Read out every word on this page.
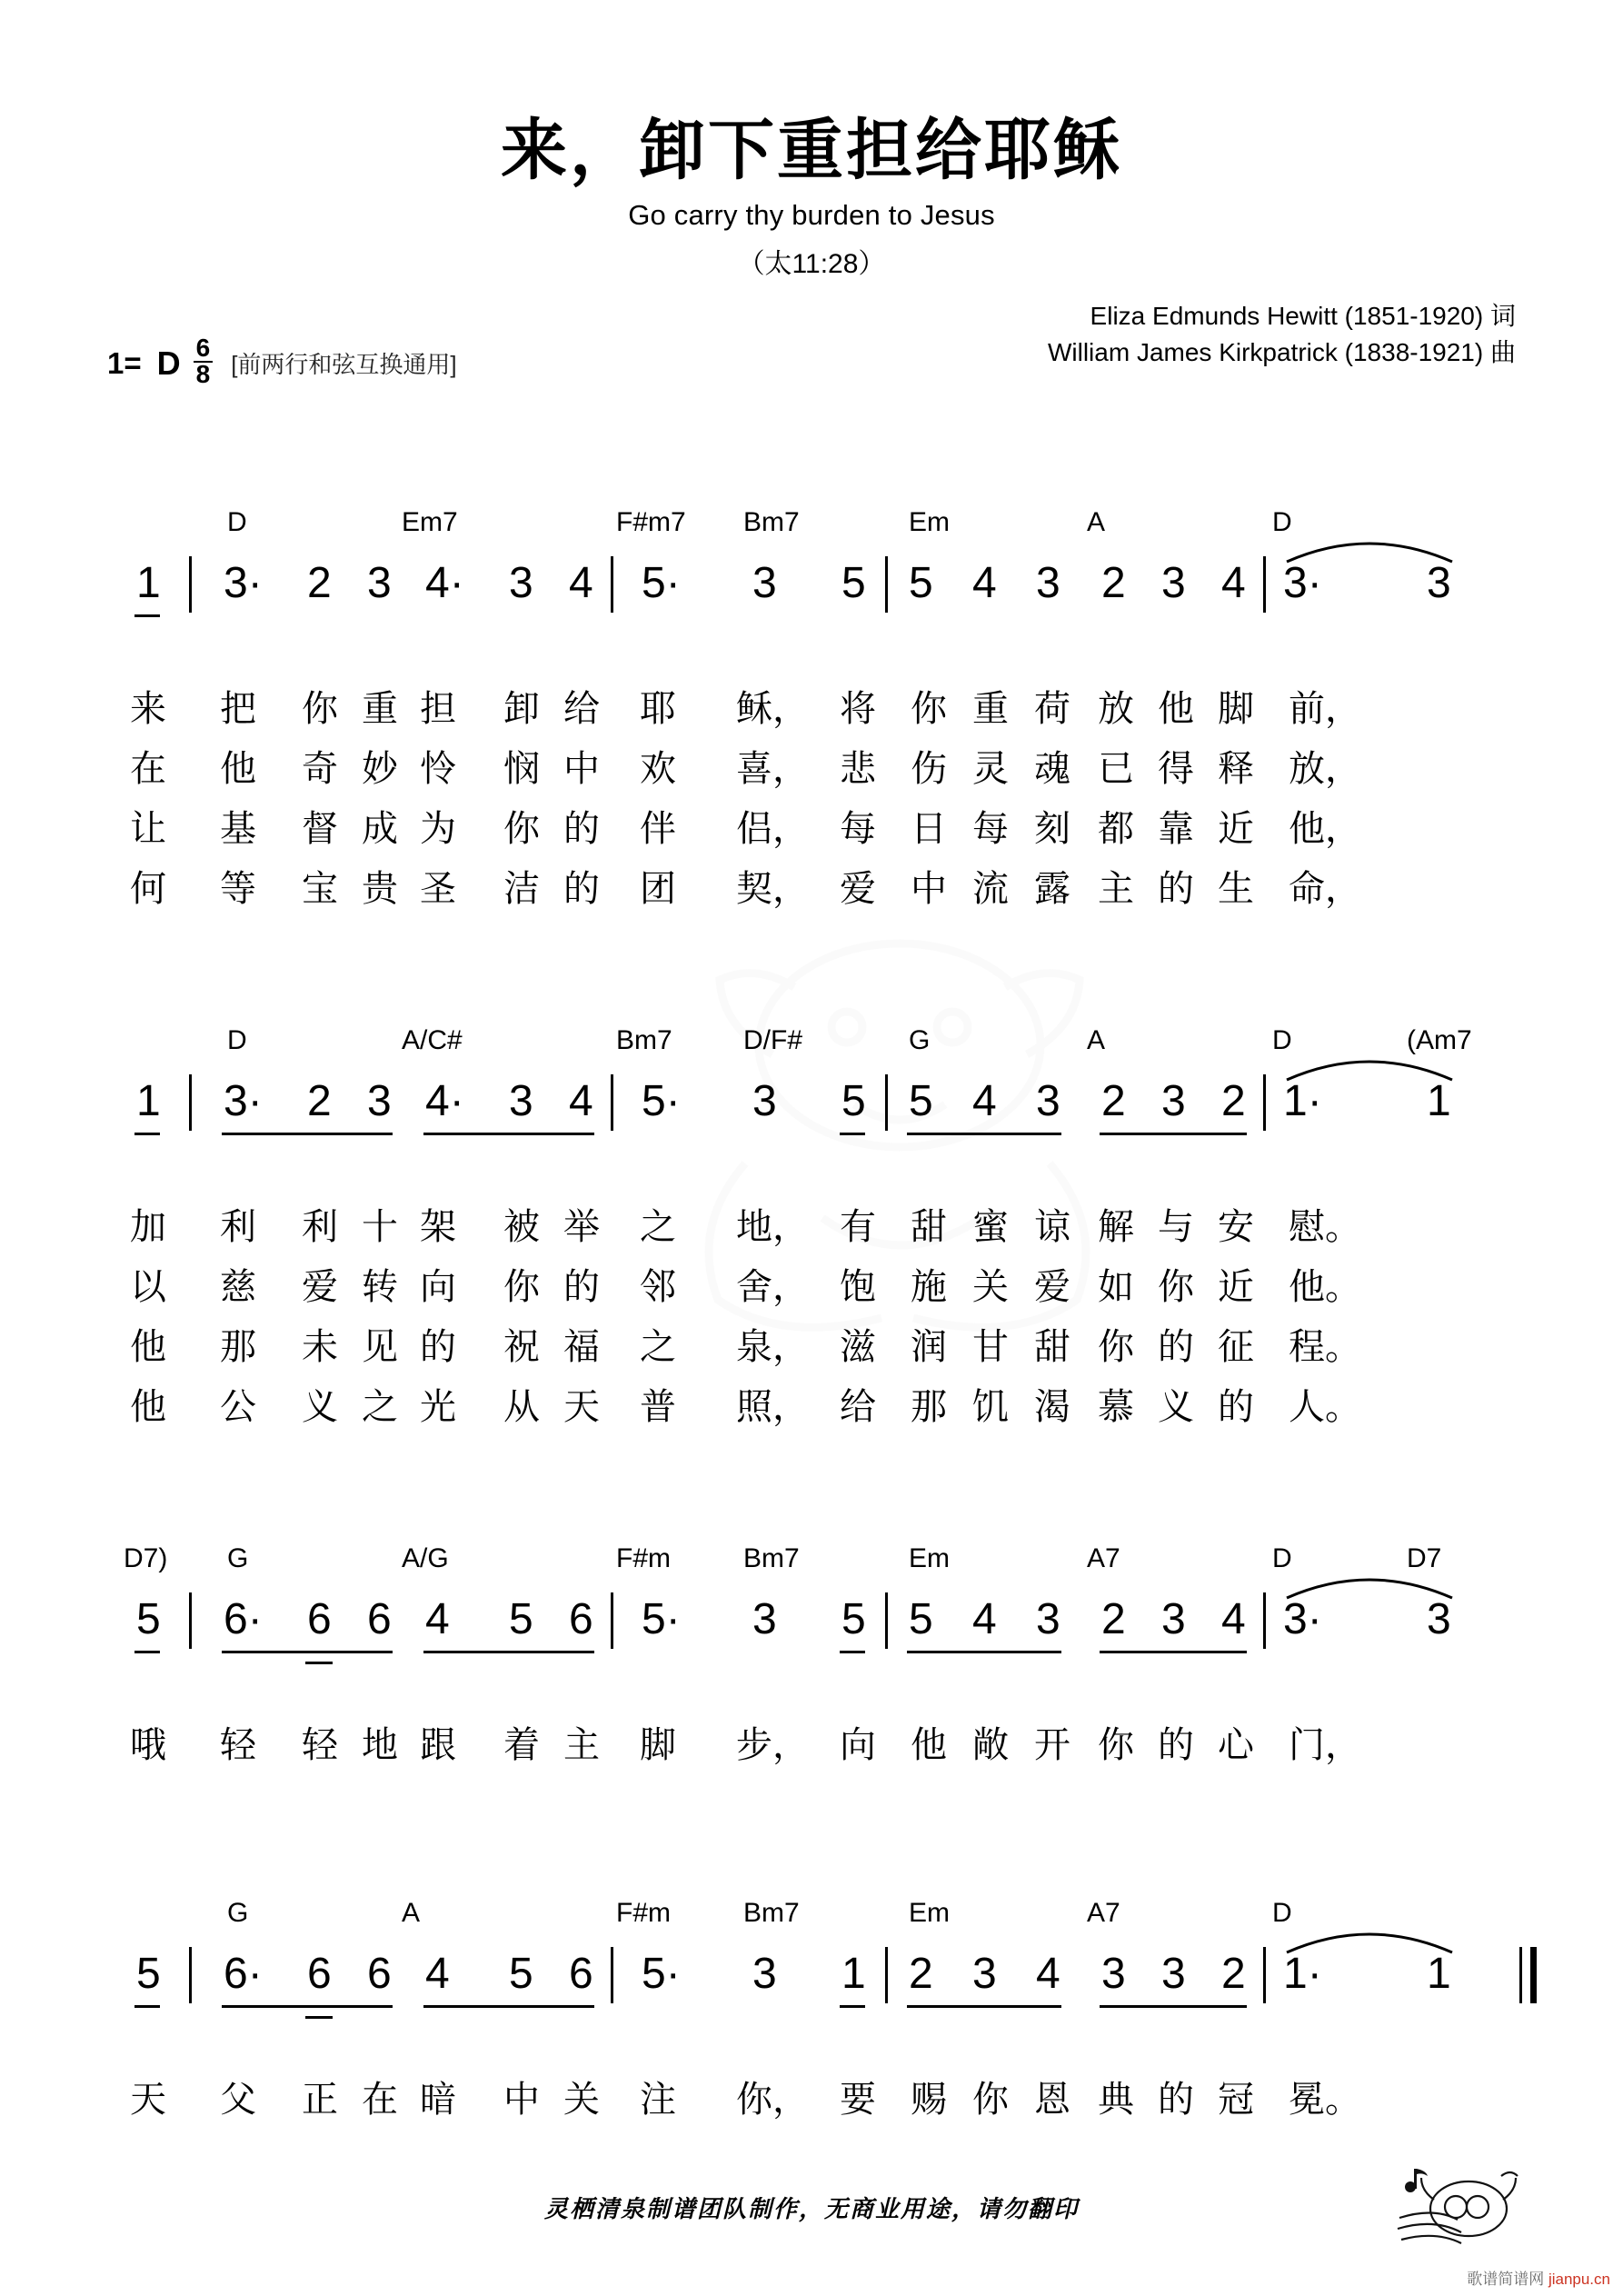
来，卸下重担给耶稣

Go carry thy burden to Jesus

（太11:28）

Eliza Edmunds Hewitt (1851-1920) 词
William James Kirkpatrick (1838-1921) 曲
1= D $\frac{6}{8}$ [前两行和弦互换通用]
D	Em7	F#m7 Bm7	Em	A	D
1 3· 2 3 4· 3 4 5· 3 5 5 4 3 2 3 4 3· 3
来 把 你 重 担 卸 给 耶 稣， 将 你 重 荷 放 他 脚 前，
在 他 奇 妙 怜 悯 中 欢 喜， 悲 伤 灵 魂 已 得 释 放，
让 基 督 成 为 你 的 伴 侣， 每 日 每 刻 都 靠 近 他，
何 等 宝 贵 圣 洁 的 团 契， 爱 中 流 露 主 的 生 命，
D	A/C#	Bm7	D/F#	G	A	D	(Am7
1 3· 2 3 4· 3 4 5· 3 5 5 4 3 2 3 2 1· 1
加 利 利 十 架 被 举 之 地， 有 甜 蜜 谅 解 与 安 慰。
以 慈 爱 转 向 你 的 邻 舍， 饱 施 关 爱 如 你 近 他。
他 那 未 见 的 祝 福 之 泉， 滋 润 甘 甜 你 的 征 程。
他 公 义 之 光 从 天 普 照， 给 那 饥 渴 慕 义 的 人。
D7) G	A/G	F#m	Bm7	Em	A7	D	D7
5 6· 6 6 4 5 6 5· 3 5 5 4 3 2 3 4 3· 3
哦 轻 轻 地 跟 着 主 脚 步， 向 他 敞 开 你 的 心 门，
G	A	F#m	Bm7	Em	A7	D
5 6· 6 6 4 5 6 5· 3 1 2 3 4 3 3 2 1· 1
天 父 正 在 暗 中 关 注 你， 要 赐 你 恩 典 的 冠 冕。
灵栖清泉制谱团队制作，无商业用途，请勿翻印
歌谱简谱网 jianpu.cn
